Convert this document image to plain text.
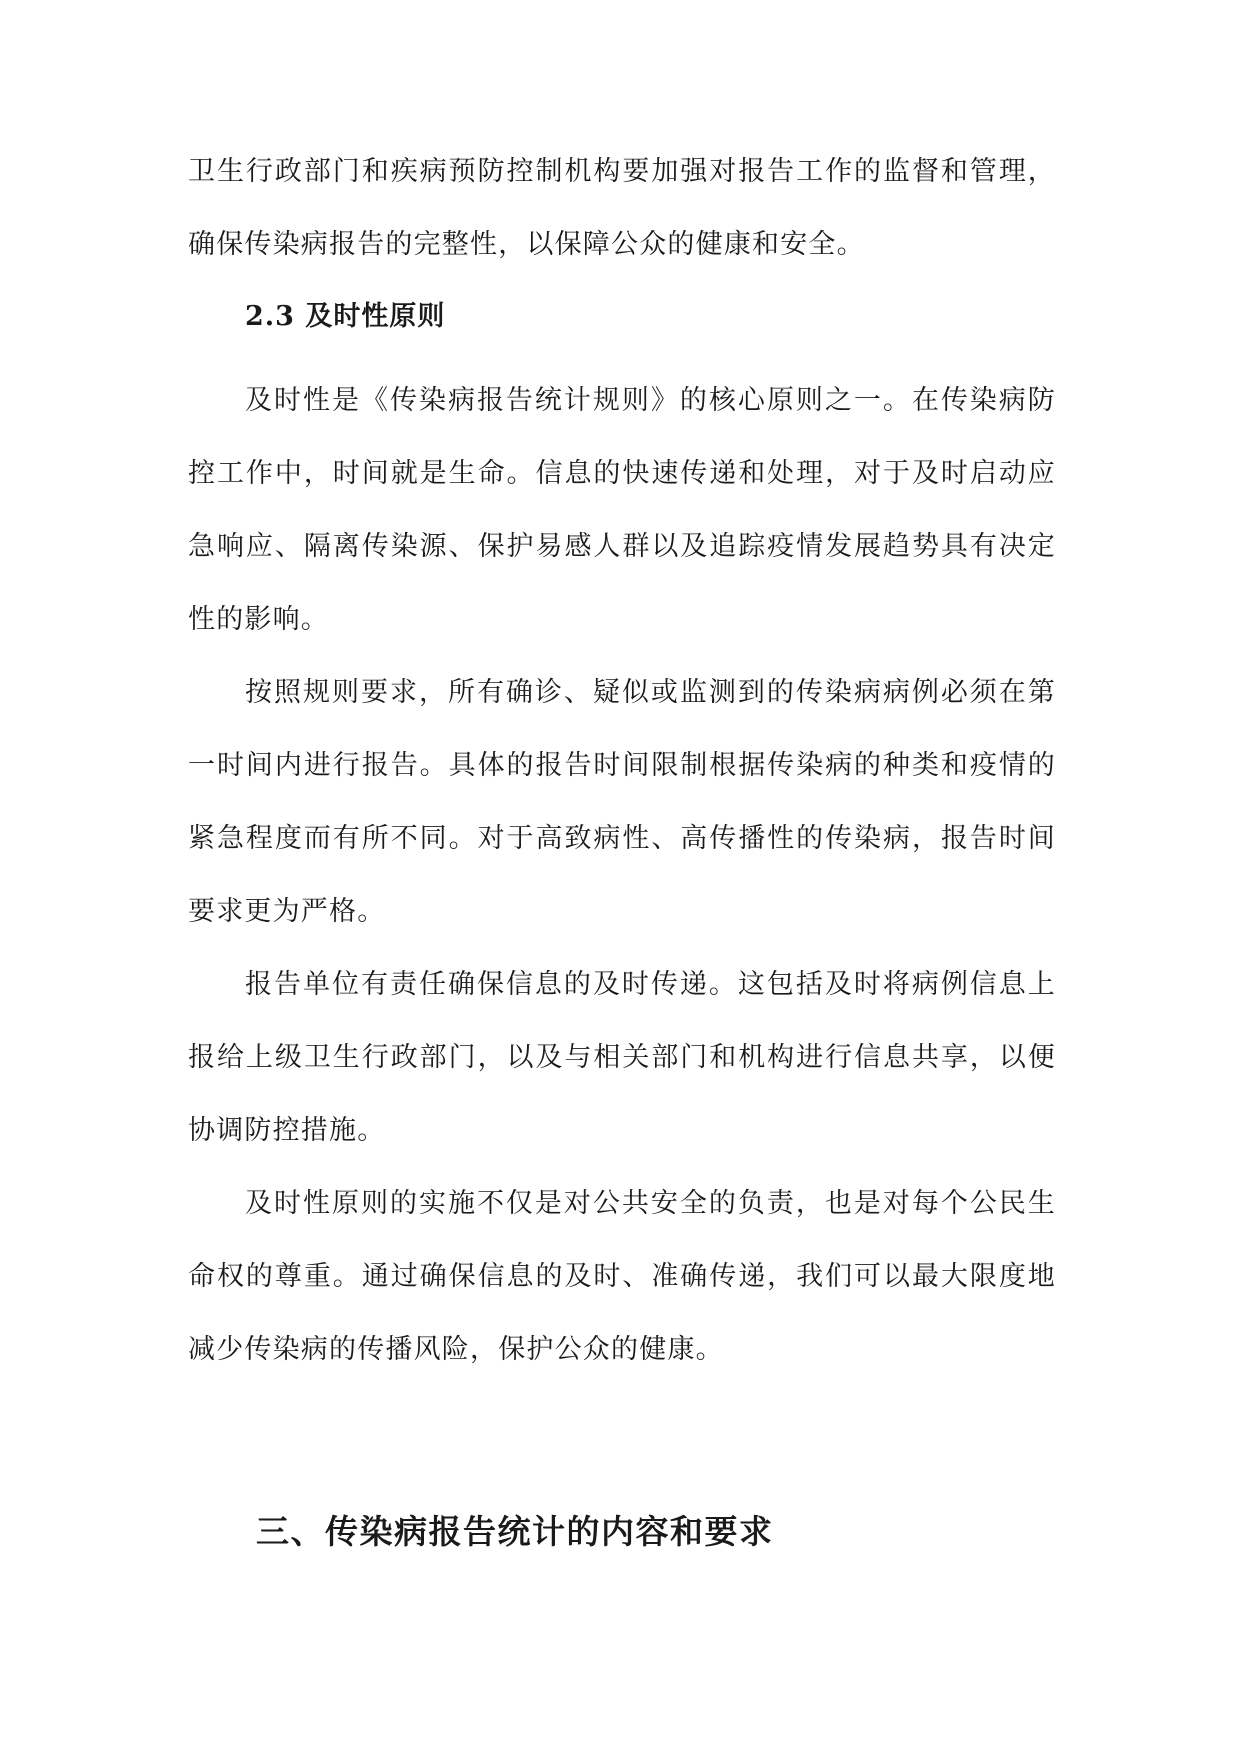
卫生行政部门和疾病预防控制机构要加强对报告工作的监督和管理，确保传染病报告的完整性，以保障公众的健康和安全。

2.3 及时性原则

及时性是《传染病报告统计规则》的核心原则之一。在传染病防控工作中，时间就是生命。信息的快速传递和处理，对于及时启动应急响应、隔离传染源、保护易感人群以及追踪疫情发展趋势具有决定性的影响。

按照规则要求，所有确诊、疑似或监测到的传染病病例必须在第一时间内进行报告。具体的报告时间限制根据传染病的种类和疫情的紧急程度而有所不同。对于高致病性、高传播性的传染病，报告时间要求更为严格。

报告单位有责任确保信息的及时传递。这包括及时将病例信息上报给上级卫生行政部门，以及与相关部门和机构进行信息共享，以便协调防控措施。

及时性原则的实施不仅是对公共安全的负责，也是对每个公民生命权的尊重。通过确保信息的及时、准确传递，我们可以最大限度地减少传染病的传播风险，保护公众的健康。

三、传染病报告统计的内容和要求
